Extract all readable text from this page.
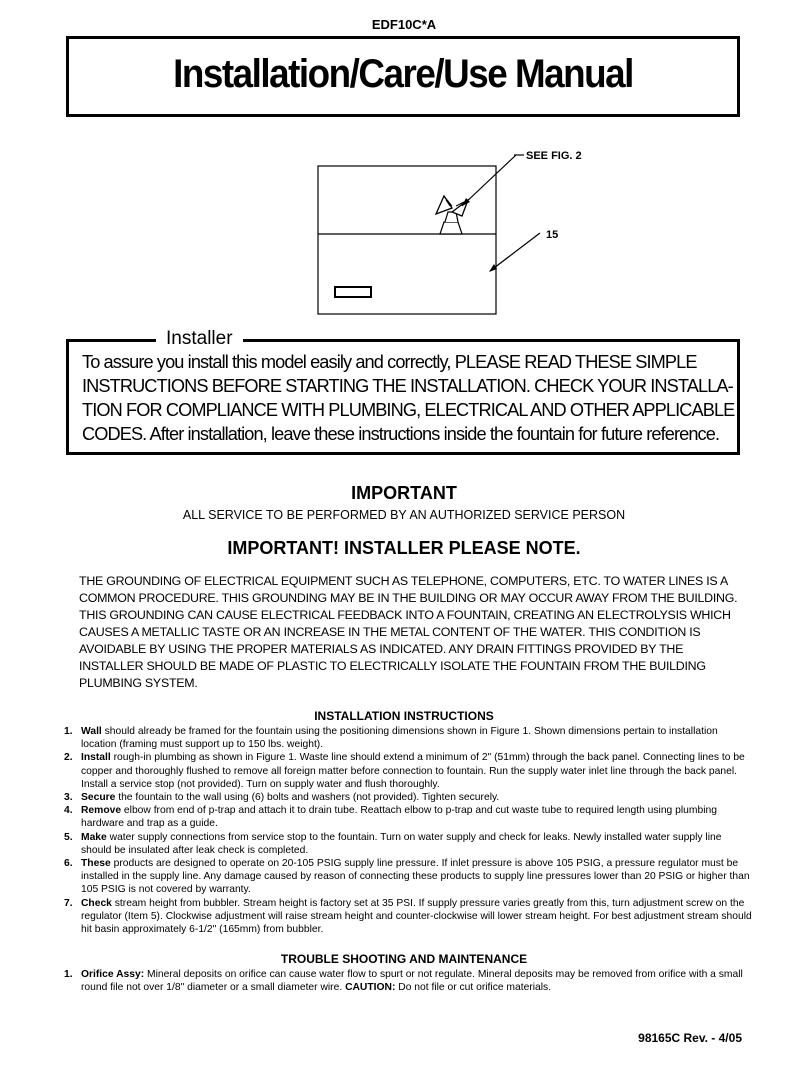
EDF10C*A
Installation/Care/Use Manual
SEE FIG. 2
15
Installer
To assure you install this model easily and correctly, PLEASE READ THESE SIMPLE INSTRUCTIONS BEFORE STARTING THE INSTALLATION. CHECK YOUR INSTALLA-TION FOR COMPLIANCE WITH PLUMBING, ELECTRICAL AND OTHER APPLICABLE CODES. After installation, leave these instructions inside the fountain for future reference.
IMPORTANT
ALL SERVICE TO BE PERFORMED BY AN AUTHORIZED SERVICE PERSON
IMPORTANT! INSTALLER PLEASE NOTE.
THE GROUNDING OF ELECTRICAL EQUIPMENT SUCH AS TELEPHONE, COMPUTERS, ETC. TO WATER LINES IS A COMMON PROCEDURE. THIS GROUNDING MAY BE IN THE BUILDING OR MAY OCCUR AWAY FROM THE BUILDING. THIS GROUNDING CAN CAUSE ELECTRICAL FEEDBACK INTO A FOUNTAIN, CREATING AN ELECTROLYSIS WHICH CAUSES A METALLIC TASTE OR AN INCREASE IN THE METAL CONTENT OF THE WATER. THIS CONDITION IS AVOIDABLE BY USING THE PROPER MATERIALS AS INDICATED. ANY DRAIN FITTINGS PROVIDED BY THE INSTALLER SHOULD BE MADE OF PLASTIC TO ELECTRICALLY ISOLATE THE FOUNTAIN FROM THE BUILDING PLUMBING SYSTEM.
INSTALLATION INSTRUCTIONS
1. Wall should already be framed for the fountain using the positioning dimensions shown in Figure 1. Shown dimensions pertain to installation location (framing must support up to 150 lbs. weight).
2. Install rough-in plumbing as shown in Figure 1. Waste line should extend a minimum of 2" (51mm) through the back panel. Connecting lines to be copper and thoroughly flushed to remove all foreign matter before connection to fountain. Run the supply water inlet line through the back panel. Install a service stop (not provided). Turn on supply water and flush thoroughly.
3. Secure the fountain to the wall using (6) bolts and washers (not provided). Tighten securely.
4. Remove elbow from end of p-trap and attach it to drain tube. Reattach elbow to p-trap and cut waste tube to required length using plumbing hardware and trap as a guide.
5. Make water supply connections from service stop to the fountain. Turn on water supply and check for leaks. Newly installed water supply line should be insulated after leak check is completed.
6. These products are designed to operate on 20-105 PSIG supply line pressure. If inlet pressure is above 105 PSIG, a pressure regulator must be installed in the supply line. Any damage caused by reason of connecting these products to supply line pressures lower than 20 PSIG or higher than 105 PSIG is not covered by warranty.
7. Check stream height from bubbler. Stream height is factory set at 35 PSI. If supply pressure varies greatly from this, turn adjustment screw on the regulator (Item 5). Clockwise adjustment will raise stream height and counter-clockwise will lower stream height. For best adjustment stream should hit basin approximately 6-1/2" (165mm) from bubbler.
TROUBLE SHOOTING AND MAINTENANCE
1. Orifice Assy: Mineral deposits on orifice can cause water flow to spurt or not regulate. Mineral deposits may be removed from orifice with a small round file not over 1/8" diameter or a small diameter wire. CAUTION: Do not file or cut orifice materials.
98165C Rev. - 4/05
